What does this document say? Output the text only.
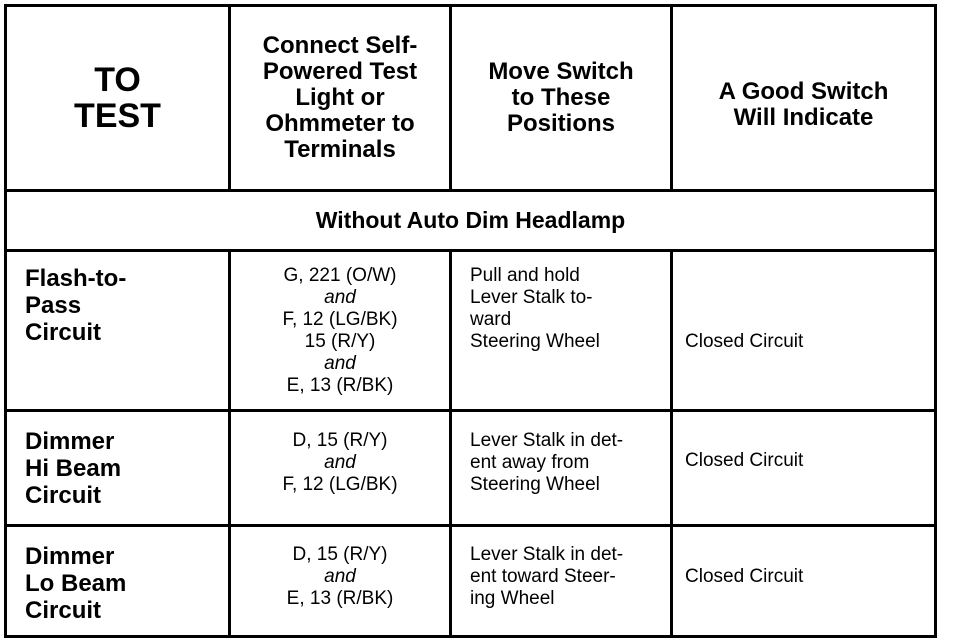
TO
TEST
Connect Self-
Powered Test
Light or
Ohmmeter to
Terminals
Move Switch
to These
Positions
A Good Switch
Will Indicate
Without Auto Dim Headlamp
Flash-to-
Pass
Circuit
G, 221 (O/W)
and
F, 12 (LG/BK)
15 (R/Y)
and
E, 13 (R/BK)
Pull and hold
Lever Stalk to-
ward
Steering Wheel	Closed Circuit
Dimmer
Hi Beam
Circuit
D, 15 (R/Y)
and
F, 12 (LG/BK)
Lever Stalk in det-
ent away from
Steering Wheel
Closed Circuit
Dimmer
Lo Beam
Circuit
D, 15 (R/Y)
and
E, 13 (R/BK)
Lever Stalk in det-
ent toward Steer-
ing Wheel
Closed Circuit
